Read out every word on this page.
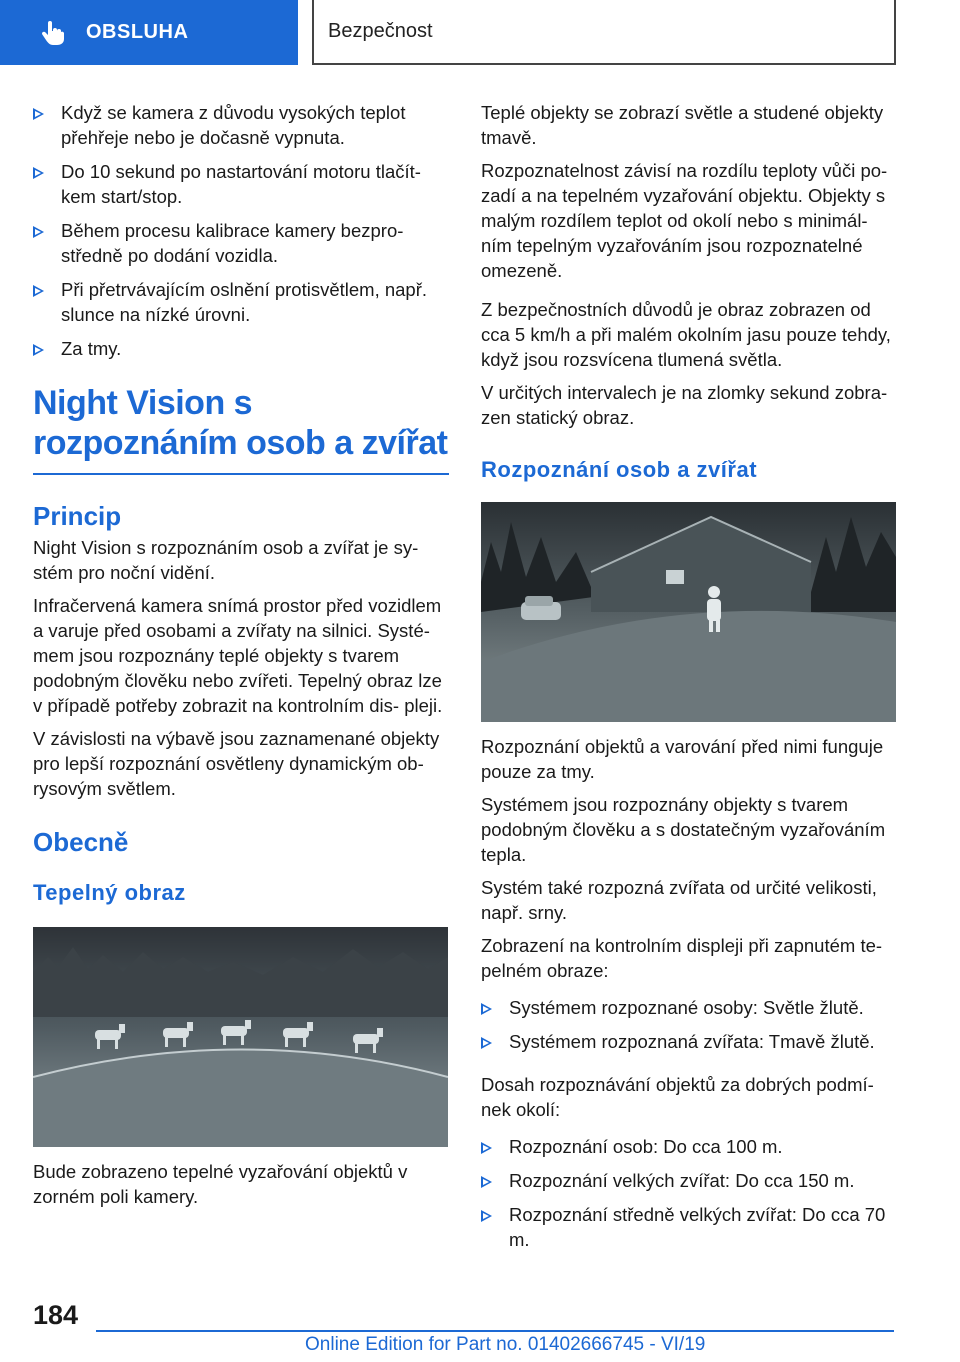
OBSLUHA	Bezpečnost
Když se kamera z důvodu vysokých teplot přehřeje nebo je dočasně vypnuta.
Do 10 sekund po nastartování motoru tlačít- kem start/stop.
Během procesu kalibrace kamery bezpro- středně po dodání vozidla.
Při přetrvávajícím oslnění protisvětlem, např. slunce na nízké úrovni.
Za tmy.
Night Vision s rozpoznáním osob a zvířat
Princip

Night Vision s rozpoznáním osob a zvířat je sy- stém pro noční vidění.

Infračervená kamera snímá prostor před vozidlem a varuje před osobami a zvířaty na silnici. Systé- mem jsou rozpoznány teplé objekty s tvarem podobným člověku nebo zvířeti. Tepelný obraz lze v případě potřeby zobrazit na kontrolním dis- pleji.

V závislosti na výbavě jsou zaznamenané objekty pro lepší rozpoznání osvětleny dynamickým ob- rysovým světlem.

Obecně
Tepelný obraz

Bude zobrazeno tepelné vyzařování objektů v zorném poli kamery.

Teplé objekty se zobrazí světle a studené objekty tmavě.

Rozpoznatelnost závisí na rozdílu teploty vůči po- zadí a na tepelném vyzařování objektu. Objekty s malým rozdílem teplot od okolí nebo s minimál- ním tepelným vyzařováním jsou rozpoznatelné omezeně.

Z bezpečnostních důvodů je obraz zobrazen od cca 5 km/h a při malém okolním jasu pouze tehdy, když jsou rozsvícena tlumená světla.

V určitých intervalech je na zlomky sekund zobra- zen statický obraz.

Rozpoznání osob a zvířat

Rozpoznání objektů a varování před nimi funguje pouze za tmy.

Systémem jsou rozpoznány objekty s tvarem podobným člověku a s dostatečným vyzařováním tepla.

Systém také rozpozná zvířata od určité velikosti, např. srny.

Zobrazení na kontrolním displeji při zapnutém te- pelném obraze:

Systémem rozpoznané osoby: Světle žlutě.
Systémem rozpoznaná zvířata: Tmavě žlutě.

Dosah rozpoznávání objektů za dobrých podmí- nek okolí:

Rozpoznání osob: Do cca 100 m.
Rozpoznání velkých zvířat: Do cca 150 m.
Rozpoznání středně velkých zvířat: Do cca 70 m.
184
Online Edition for Part no. 01402666745 - VI/19
